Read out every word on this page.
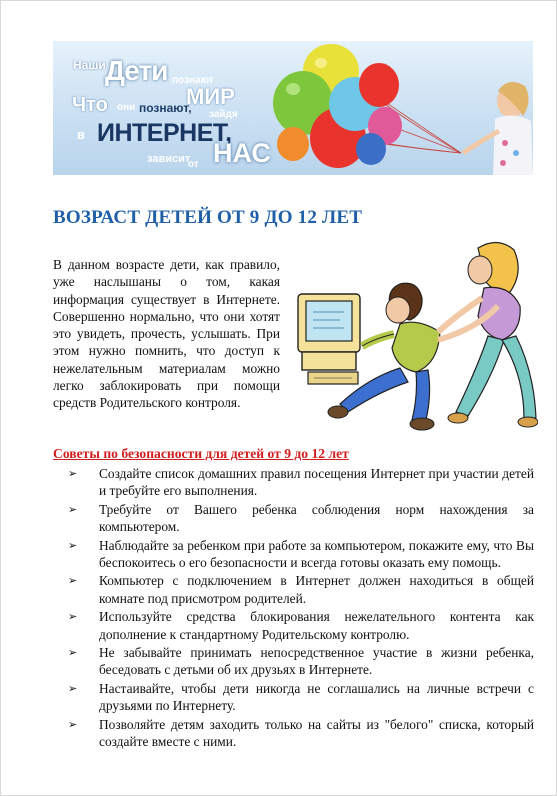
Наши Дети познают
МИР
Что они познают, зайдя
в ИНТЕРНЕТ,
зависит
от НАС
ВОЗРАСТ ДЕТЕЙ ОТ 9 ДО 12 ЛЕТ

В данном возрасте дети, как правило, уже наслышаны о том, какая информация существует в Интернете. Совершенно нормально, что они хотят это увидеть, прочесть, услышать. При этом нужно помнить, что доступ к нежелательным материалам можно легко заблокировать при помощи средств Родительского контроля.

Советы по безопасности для детей от 9 до 12 лет
➢ Создайте список домашних правил посещения Интернет при участии детей и требуйте его выполнения.
➢ Требуйте от Вашего ребенка соблюдения норм нахождения за компьютером.
➢ Наблюдайте за ребенком при работе за компьютером, покажите ему, что Вы беспокоитесь о его безопасности и всегда готовы оказать ему помощь.
➢ Компьютер с подключением в Интернет должен находиться в общей комнате под присмотром родителей.
➢ Используйте средства блокирования нежелательного контента как дополнение к стандартному Родительскому контролю.
➢ Не забывайте принимать непосредственное участие в жизни ребенка, беседовать с детьми об их друзьях в Интернете.
➢ Настаивайте, чтобы дети никогда не соглашались на личные встречи с друзьями по Интернету.
➢ Позволяйте детям заходить только на сайты из "белого" списка, который создайте вместе с ними.
